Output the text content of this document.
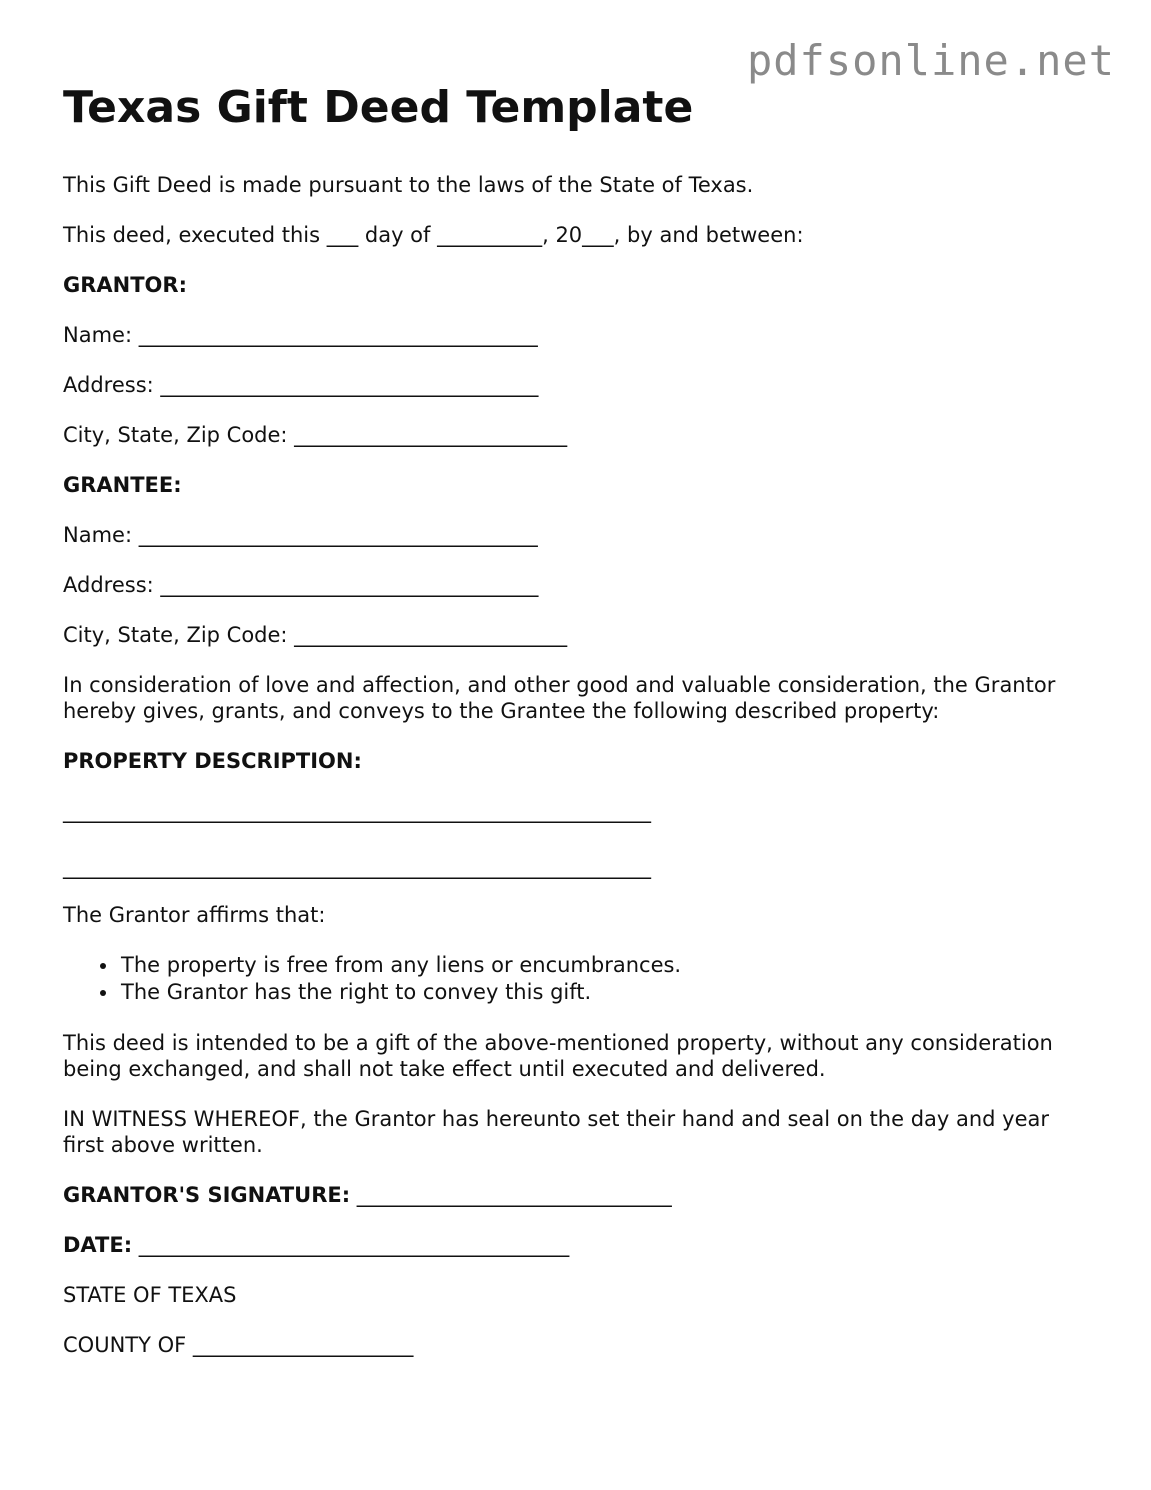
pdfsonline.net
Texas Gift Deed Template

This Gift Deed is made pursuant to the laws of the State of Texas.

This deed, executed this ___ day of __________, 20___, by and between:

GRANTOR:

Name: ______________________________________

Address: ____________________________________

City, State, Zip Code: __________________________

GRANTEE:

Name: ______________________________________

Address: ____________________________________

City, State, Zip Code: __________________________

In consideration of love and affection, and other good and valuable consideration, the Grantor hereby gives, grants, and conveys to the Grantee the following described property:

PROPERTY DESCRIPTION:

________________________________________________________
________________________________________________________

The Grantor affirms that:

• The property is free from any liens or encumbrances.
• The Grantor has the right to convey this gift.

This deed is intended to be a gift of the above-mentioned property, without any consideration being exchanged, and shall not take effect until executed and delivered.

IN WITNESS WHEREOF, the Grantor has hereunto set their hand and seal on the day and year first above written.

GRANTOR'S SIGNATURE: ______________________________

DATE: _________________________________________

STATE OF TEXAS

COUNTY OF _____________________
